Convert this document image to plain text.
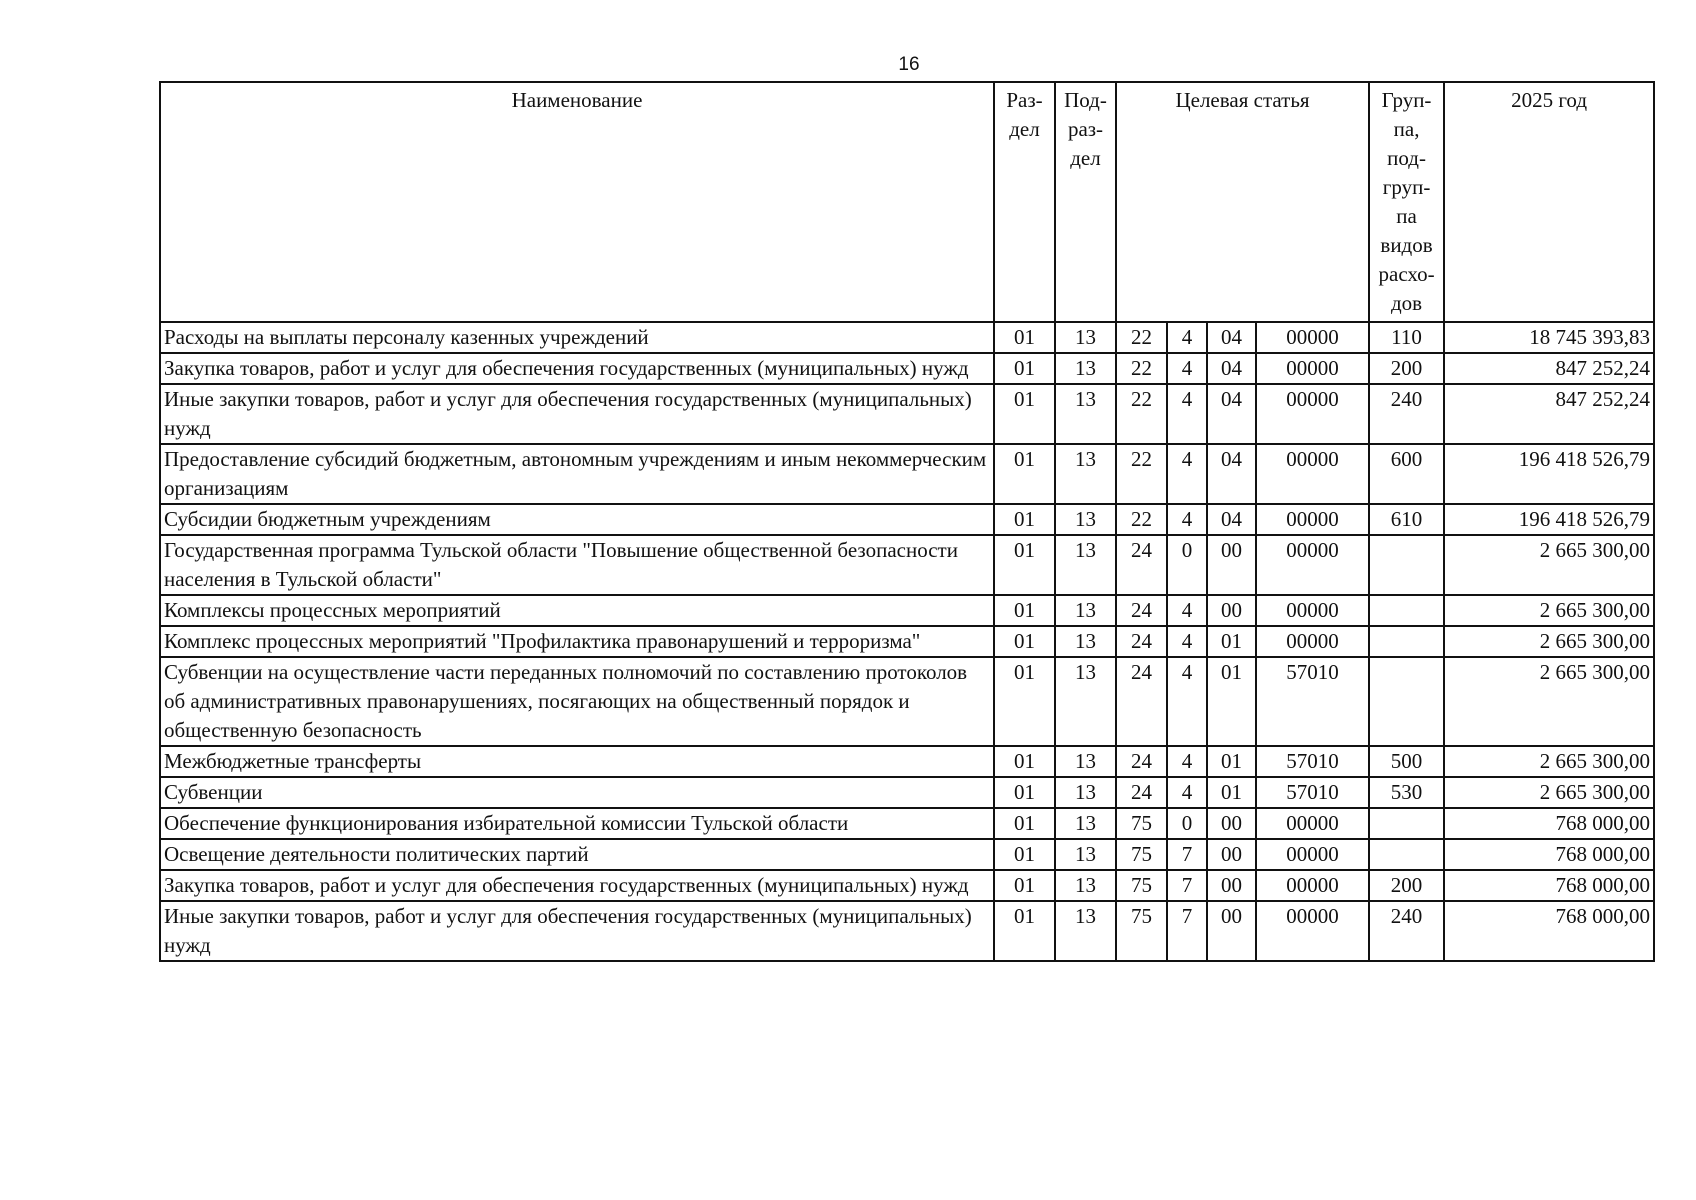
16
Наименование	Раз-дел	Под-раз-дел	Целевая статья				Груп-па, под-груп-па видов расхо-дов	2025 год
Расходы на выплаты персоналу казенных учреждений	01	13	22	4	04	00000	110	18 745 393,83
Закупка товаров, работ и услуг для обеспечения государственных (муниципальных) нужд	01	13	22	4	04	00000	200	847 252,24
Иные закупки товаров, работ и услуг для обеспечения государственных (муниципальных) нужд	01	13	22	4	04	00000	240	847 252,24
Предоставление субсидий бюджетным, автономным учреждениям и иным некоммерческим организациям	01	13	22	4	04	00000	600	196 418 526,79
Субсидии бюджетным учреждениям	01	13	22	4	04	00000	610	196 418 526,79
Государственная программа Тульской области "Повышение общественной безопасности населения в Тульской области"	01	13	24	0	00	00000		2 665 300,00
Комплексы процессных мероприятий	01	13	24	4	00	00000		2 665 300,00
Комплекс процессных мероприятий "Профилактика правонарушений и терроризма"	01	13	24	4	01	00000		2 665 300,00
Субвенции на осуществление части переданных полномочий по составлению протоколов об административных правонарушениях, посягающих на общественный порядок и общественную безопасность	01	13	24	4	01	57010		2 665 300,00
Межбюджетные трансферты	01	13	24	4	01	57010	500	2 665 300,00
Субвенции	01	13	24	4	01	57010	530	2 665 300,00
Обеспечение функционирования избирательной комиссии Тульской области	01	13	75	0	00	00000		768 000,00
Освещение деятельности политических партий	01	13	75	7	00	00000		768 000,00
Закупка товаров, работ и услуг для обеспечения государственных (муниципальных) нужд	01	13	75	7	00	00000	200	768 000,00
Иные закупки товаров, работ и услуг для обеспечения государственных (муниципальных) нужд	01	13	75	7	00	00000	240	768 000,00
